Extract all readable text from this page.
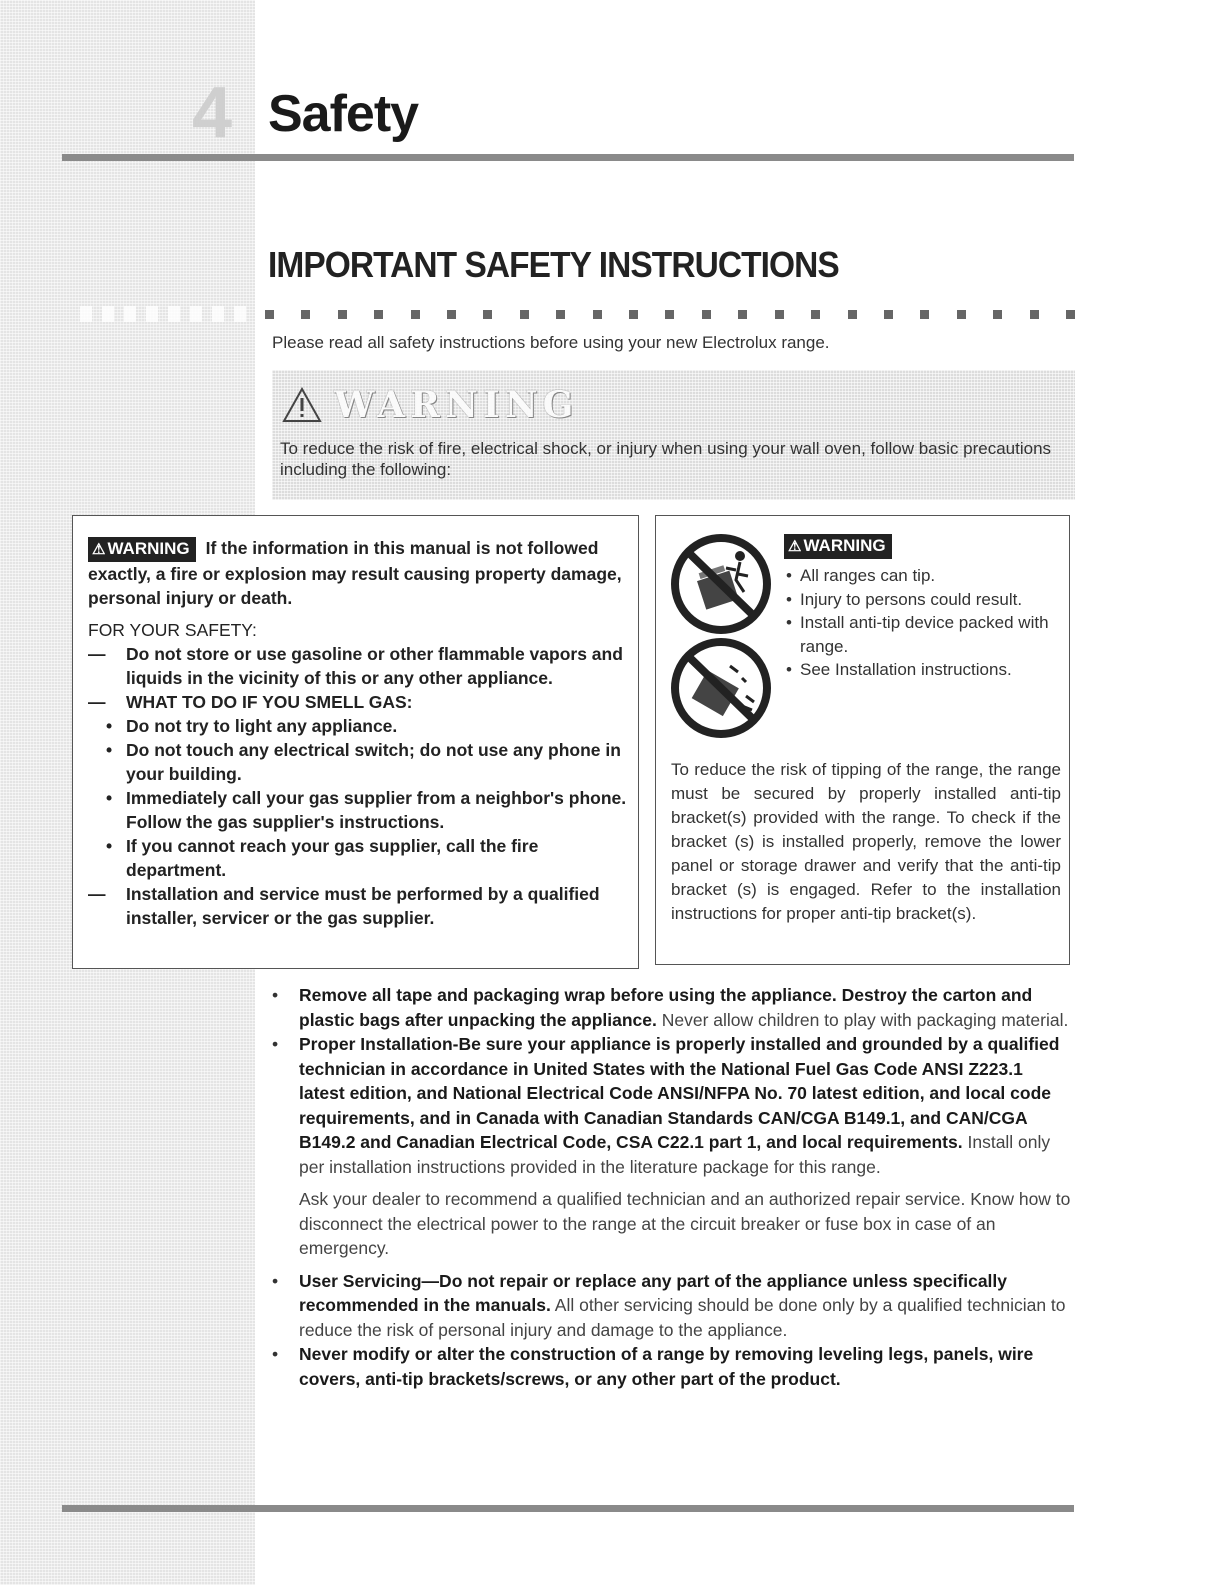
4 Safety
IMPORTANT SAFETY INSTRUCTIONS
Please read all safety instructions before using your new Electrolux range.
WARNING
To reduce the risk of fire, electrical shock, or injury when using your wall oven, follow basic precautions including the following:
⚠ WARNING If the information in this manual is not followed exactly, a fire or explosion may result causing property damage, personal injury or death.
FOR YOUR SAFETY:
— Do not store or use gasoline or other flammable vapors and liquids in the vicinity of this or any other appliance.
— WHAT TO DO IF YOU SMELL GAS:
• Do not try to light any appliance.
• Do not touch any electrical switch; do not use any phone in your building.
• Immediately call your gas supplier from a neighbor's phone. Follow the gas supplier's instructions.
• If you cannot reach your gas supplier, call the fire department.
— Installation and service must be performed by a qualified installer, servicer or the gas supplier.
⚠ WARNING
• All ranges can tip.
• Injury to persons could result.
• Install anti-tip device packed with range.
• See Installation instructions.
To reduce the risk of tipping of the range, the range must be secured by properly installed anti-tip bracket(s) provided with the range. To check if the bracket (s) is installed properly, remove the lower panel or storage drawer and verify that the anti-tip bracket (s) is engaged. Refer to the installation instructions for proper anti-tip bracket(s).
• Remove all tape and packaging wrap before using the appliance. Destroy the carton and plastic bags after unpacking the appliance. Never allow children to play with packaging material.
• Proper Installation-Be sure your appliance is properly installed and grounded by a qualified technician in accordance in United States with the National Fuel Gas Code ANSI Z223.1 latest edition, and National Electrical Code ANSI/NFPA No. 70 latest edition, and local code requirements, and in Canada with Canadian Standards CAN/CGA B149.1, and CAN/CGA B149.2 and Canadian Electrical Code, CSA C22.1 part 1, and local requirements. Install only per installation instructions provided in the literature package for this range.
Ask your dealer to recommend a qualified technician and an authorized repair service. Know how to disconnect the electrical power to the range at the circuit breaker or fuse box in case of an emergency.
• User Servicing—Do not repair or replace any part of the appliance unless specifically recommended in the manuals. All other servicing should be done only by a qualified technician to reduce the risk of personal injury and damage to the appliance.
• Never modify or alter the construction of a range by removing leveling legs, panels, wire covers, anti-tip brackets/screws, or any other part of the product.
